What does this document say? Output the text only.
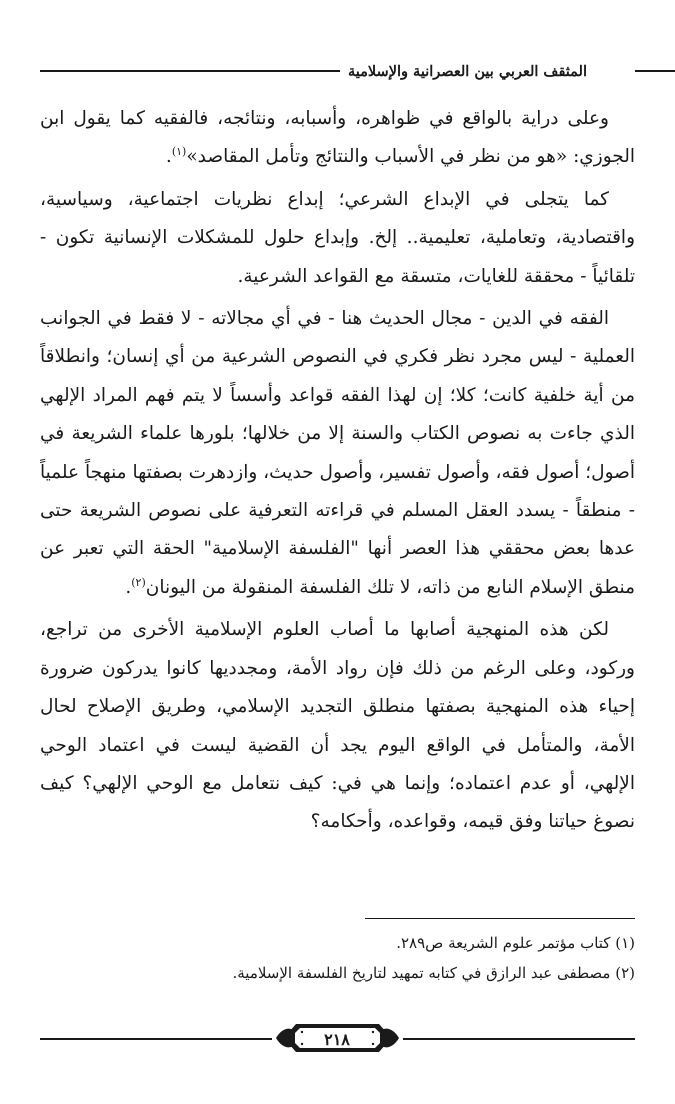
المثقف العربي بين العصرانية والإسلامية

وعلى دراية بالواقع في ظواهره، وأسبابه، ونتائجه، فالفقيه كما يقول ابن الجوزي: «هو من نظر في الأسباب والنتائج وتأمل المقاصد»$^{(١)}$.

كما يتجلى في الإبداع الشرعي؛ إبداع نظريات اجتماعية، وسياسية، واقتصادية، وتعاملية، تعليمية.. إلخ. وإبداع حلول للمشكلات الإنسانية تكون - تلقائياً - محققة للغايات، متسقة مع القواعد الشرعية.

الفقه في الدين - مجال الحديث هنا - في أي مجالاته - لا فقط في الجوانب العملية - ليس مجرد نظر فكري في النصوص الشرعية من أي إنسان؛ وانطلاقاً من أية خلفية كانت؛ كلا؛ إن لهذا الفقه قواعد وأسساً لا يتم فهم المراد الإلهي الذي جاءت به نصوص الكتاب والسنة إلا من خلالها؛ بلورها علماء الشريعة في أصول؛ أصول فقه، وأصول تفسير، وأصول حديث، وازدهرت بصفتها منهجاً علمياً - منطقاً - يسدد العقل المسلم في قراءته التعرفية على نصوص الشريعة حتى عدها بعض محققي هذا العصر أنها "الفلسفة الإسلامية" الحقة التي تعبر عن منطق الإسلام النابع من ذاته، لا تلك الفلسفة المنقولة من اليونان$^{(٢)}$.

لكن هذه المنهجية أصابها ما أصاب العلوم الإسلامية الأخرى من تراجع، وركود، وعلى الرغم من ذلك فإن رواد الأمة، ومجدديها كانوا يدركون ضرورة إحياء هذه المنهجية بصفتها منطلق التجديد الإسلامي، وطريق الإصلاح لحال الأمة، والمتأمل في الواقع اليوم يجد أن القضية ليست في اعتماد الوحي الإلهي، أو عدم اعتماده؛ وإنما هي في: كيف نتعامل مع الوحي الإلهي؟ كيف نصوغ حياتنا وفق قيمه، وقواعده، وأحكامه؟

(١) كتاب مؤتمر علوم الشريعة ص٢٨٩.
(٢) مصطفى عبد الرازق في كتابه تمهيد لتاريخ الفلسفة الإسلامية.
٢١٨
